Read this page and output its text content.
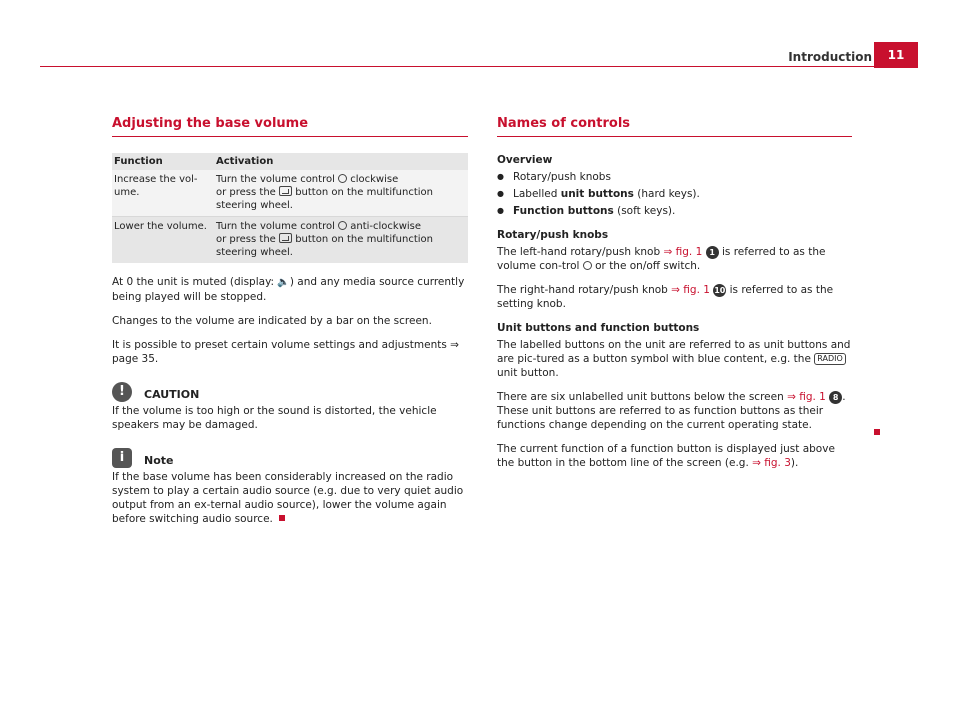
Introduction	11
Adjusting the base volume
Function	Activation
Increase the vol-ume.	Turn the volume control clockwise
or press the button on the multifunction steering wheel.
Lower the volume.	Turn the volume control anti-clockwise
or press the button on the multifunction steering wheel.
At 0 the unit is muted (display: 🔈) and any media source currently being played will be stopped.
Changes to the volume are indicated by a bar on the screen.
It is possible to preset certain volume settings and adjustments ⇒ page 35.
!	CAUTION
If the volume is too high or the sound is distorted, the vehicle speakers may be damaged.
i	Note
If the base volume has been considerably increased on the radio system to play a certain audio source (e.g. due to very quiet audio output from an ex-ternal audio source), lower the volume again before switching audio source.
Names of controls
Overview
● Rotary/push knobs
● Labelled unit buttons (hard keys).
● Function buttons (soft keys).
Rotary/push knobs
The left-hand rotary/push knob ⇒ fig. 1 1 is referred to as the volume con-trol or the on/off switch.
The right-hand rotary/push knob ⇒ fig. 1 10 is referred to as the setting knob.
Unit buttons and function buttons
The labelled buttons on the unit are referred to as unit buttons and are pic-tured as a button symbol with blue content, e.g. the RADIO unit button.
There are six unlabelled unit buttons below the screen ⇒ fig. 1 8 . These unit buttons are referred to as function buttons as their functions change depending on the current operating state.
The current function of a function button is displayed just above the button in the bottom line of the screen (e.g. ⇒ fig. 3).
